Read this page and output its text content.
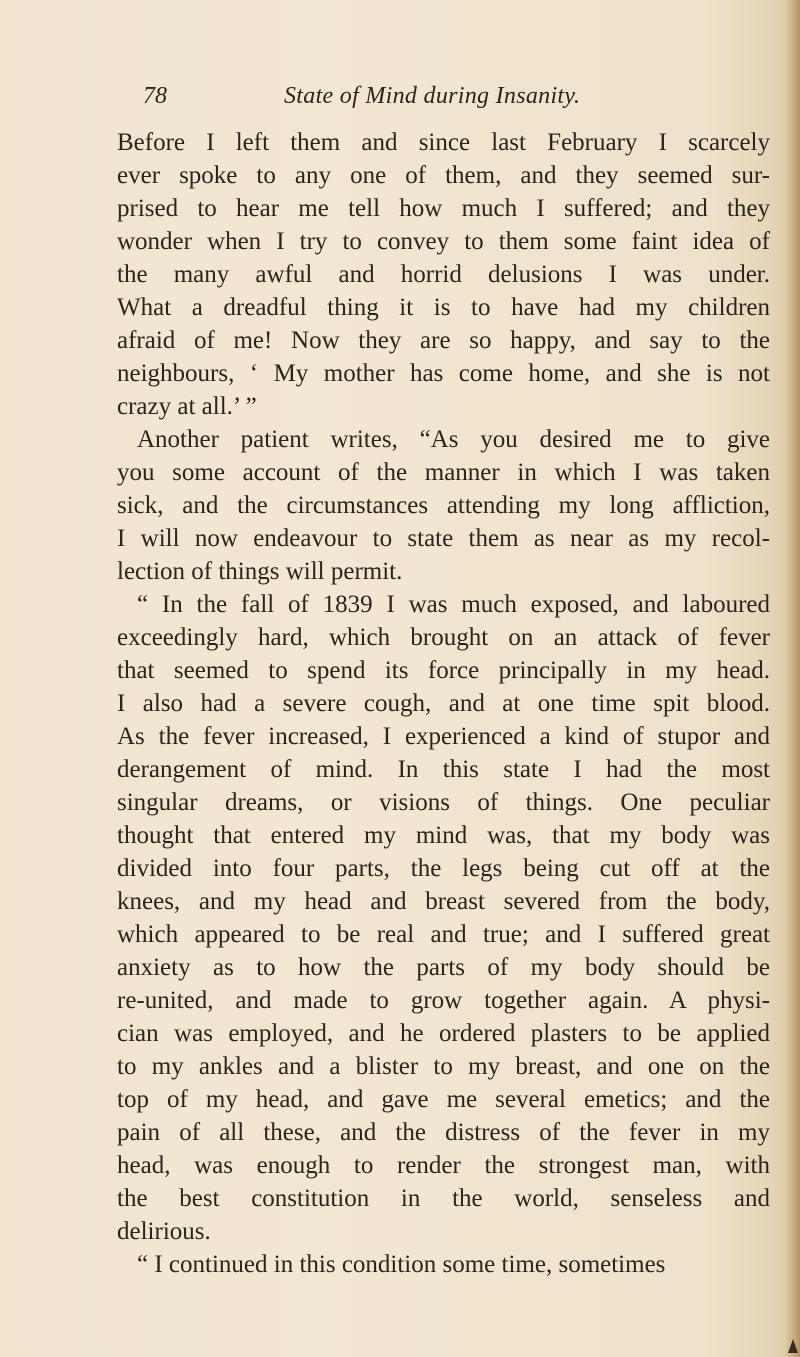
78	State of Mind during Insanity.
Before I left them and since last February I scarcely
ever spoke to any one of them, and they seemed sur-
prised to hear me tell how much I suffered; and they
wonder when I try to convey to them some faint idea of
the many awful and horrid delusions I was under.
What a dreadful thing it is to have had my children
afraid of me! Now they are so happy, and say to the
neighbours, ‘ My mother has come home, and she is not
crazy at all.’ ”
Another patient writes, “As you desired me to give
you some account of the manner in which I was taken
sick, and the circumstances attending my long affliction,
I will now endeavour to state them as near as my recol-
lection of things will permit.
“ In the fall of 1839 I was much exposed, and laboured
exceedingly hard, which brought on an attack of fever
that seemed to spend its force principally in my head.
I also had a severe cough, and at one time spit blood.
As the fever increased, I experienced a kind of stupor and
derangement of mind. In this state I had the most
singular dreams, or visions of things. One peculiar
thought that entered my mind was, that my body was
divided into four parts, the legs being cut off at the
knees, and my head and breast severed from the body,
which appeared to be real and true; and I suffered great
anxiety as to how the parts of my body should be
re-united, and made to grow together again. A physi-
cian was employed, and he ordered plasters to be applied
to my ankles and a blister to my breast, and one on the
top of my head, and gave me several emetics; and the
pain of all these, and the distress of the fever in my
head, was enough to render the strongest man, with
the best constitution in the world, senseless and
delirious.
“ I continued in this condition some time, sometimes
